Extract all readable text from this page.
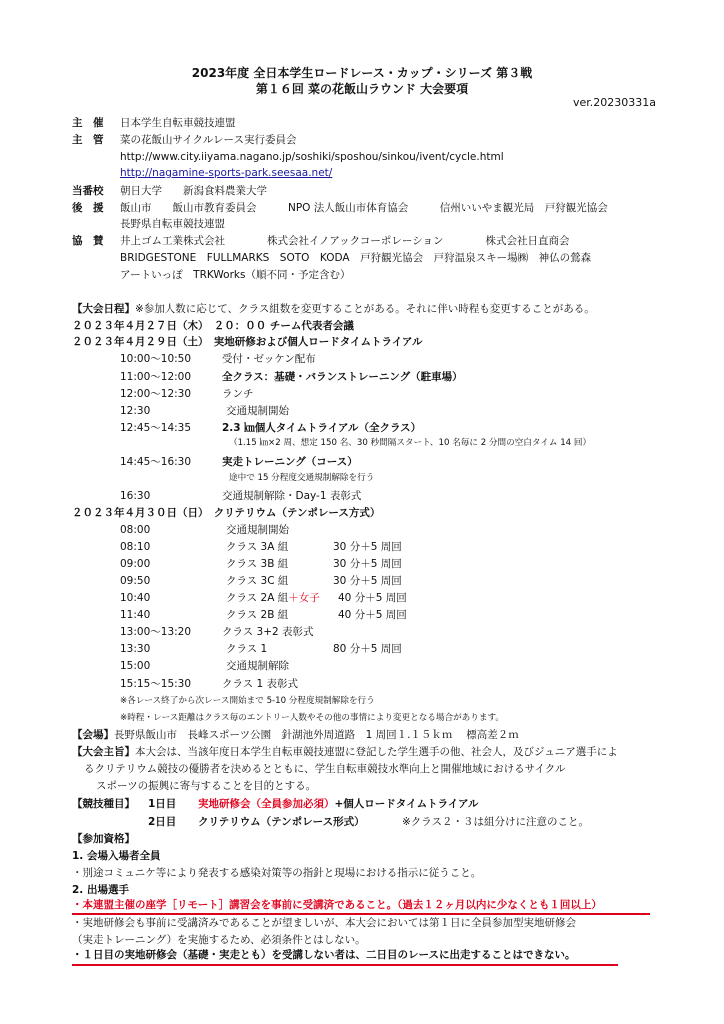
2023年度 全日本学生ロードレース・カップ・シリーズ 第３戦
第１６回 菜の花飯山ラウンド 大会要項
ver.20230331a
主　催 日本学生自転車競技連盟
主　管 菜の花飯山サイクルレース実行委員会
http://www.city.iiyama.nagano.jp/soshiki/sposhou/sinkou/ivent/cycle.html
http://nagamine-sports-park.seesaa.net/
当番校 朝日大学　　新潟食料農業大学
後　援 飯山市　　飯山市教育委員会　　　NPO 法人飯山市体育協会　　　信州いいやま観光局　戸狩観光協会
長野県自転車競技連盟
協　賛 井上ゴム工業株式会社　　　　株式会社イノアックコーポレーション　　　　株式会社日直商会
BRIDGESTONE　FULLMARKS　SOTO　KODA　戸狩観光協会　戸狩温泉スキー場㈱　神仏の鶯森
アートいっぽ　TRKWorks（順不同・予定含む）
【大会日程】※参加人数に応じて、クラス組数を変更することがある。それに伴い時程も変更することがある。
２０２３年４月２７日（木）　２０：００ チーム代表者会議
２０２３年４月２９日（土）　実地研修および個人ロードタイムトライアル
10:00～10:50	受付・ゼッケン配布
11:00～12:00	全クラス：基礎・バランストレーニング（駐車場）
12:00～12:30	ランチ
12:30	交通規制開始
12:45～14:35	2.3 ㎞個人タイムトライアル（全クラス）
（1.15 ㎞×2 周、想定 150 名、30 秒間隔スタート、10 名毎に 2 分間の空白タイム 14 回）
14:45～16:30	実走トレーニング（コース）
途中で 15 分程度交通規制解除を行う
16:30	交通規制解除・Day-1 表彰式
２０２３年４月３０日（日）　クリテリウム（テンポレース方式）
08:00	交通規制開始
08:10	クラス 3A 組	30 分＋5 周回
09:00	クラス 3B 組	30 分＋5 周回
09:50	クラス 3C 組	30 分＋5 周回
10:40	クラス 2A 組＋女子 40 分＋5 周回
11:40	クラス 2B 組	40 分＋5 周回
13:00～13:20	クラス 3+2 表彰式
13:30	クラス 1	80 分＋5 周回
15:00	交通規制解除
15:15～15:30	クラス 1 表彰式
※各レース終了から次レース開始まで 5-10 分程度規制解除を行う
※時程・レース距離はクラス毎のエントリー人数やその他の事情により変更となる場合があります。
【会場】長野県飯山市　長峰スポーツ公園　針湖池外周道路　1 周回１.１５ｋｍ　 標高差２ｍ
【大会主旨】本大会は、当該年度日本学生自転車競技連盟に登記した学生選手の他、社会人，及びジュニア選手によ
るクリテリウム競技の優勝者を決めるとともに、学生自転車競技水準向上と開催地域におけるサイクル
スポーツの振興に寄与することを目的とする。
【競技種目】 1日目 実地研修会（全員参加必須）+個人ロードタイムトライアル
2日目 クリテリウム（テンポレース形式）	※クラス２・３は組分けに注意のこと。
【参加資格】
1. 会場入場者全員
・別途コミュニケ等により発表する感染対策等の指針と現場における指示に従うこと。
2. 出場選手
・本連盟主催の座学［リモート］講習会を事前に受講済であること。（過去１２ヶ月以内に少なくとも１回以上）
・実地研修会も事前に受講済みであることが望ましいが、本大会においては第１日に全員参加型実地研修会
（実走トレーニング）を実施するため、必須条件とはしない。
・１日目の実地研修会（基礎・実走とも）を受講しない者は、二日目のレースに出走することはできない。
